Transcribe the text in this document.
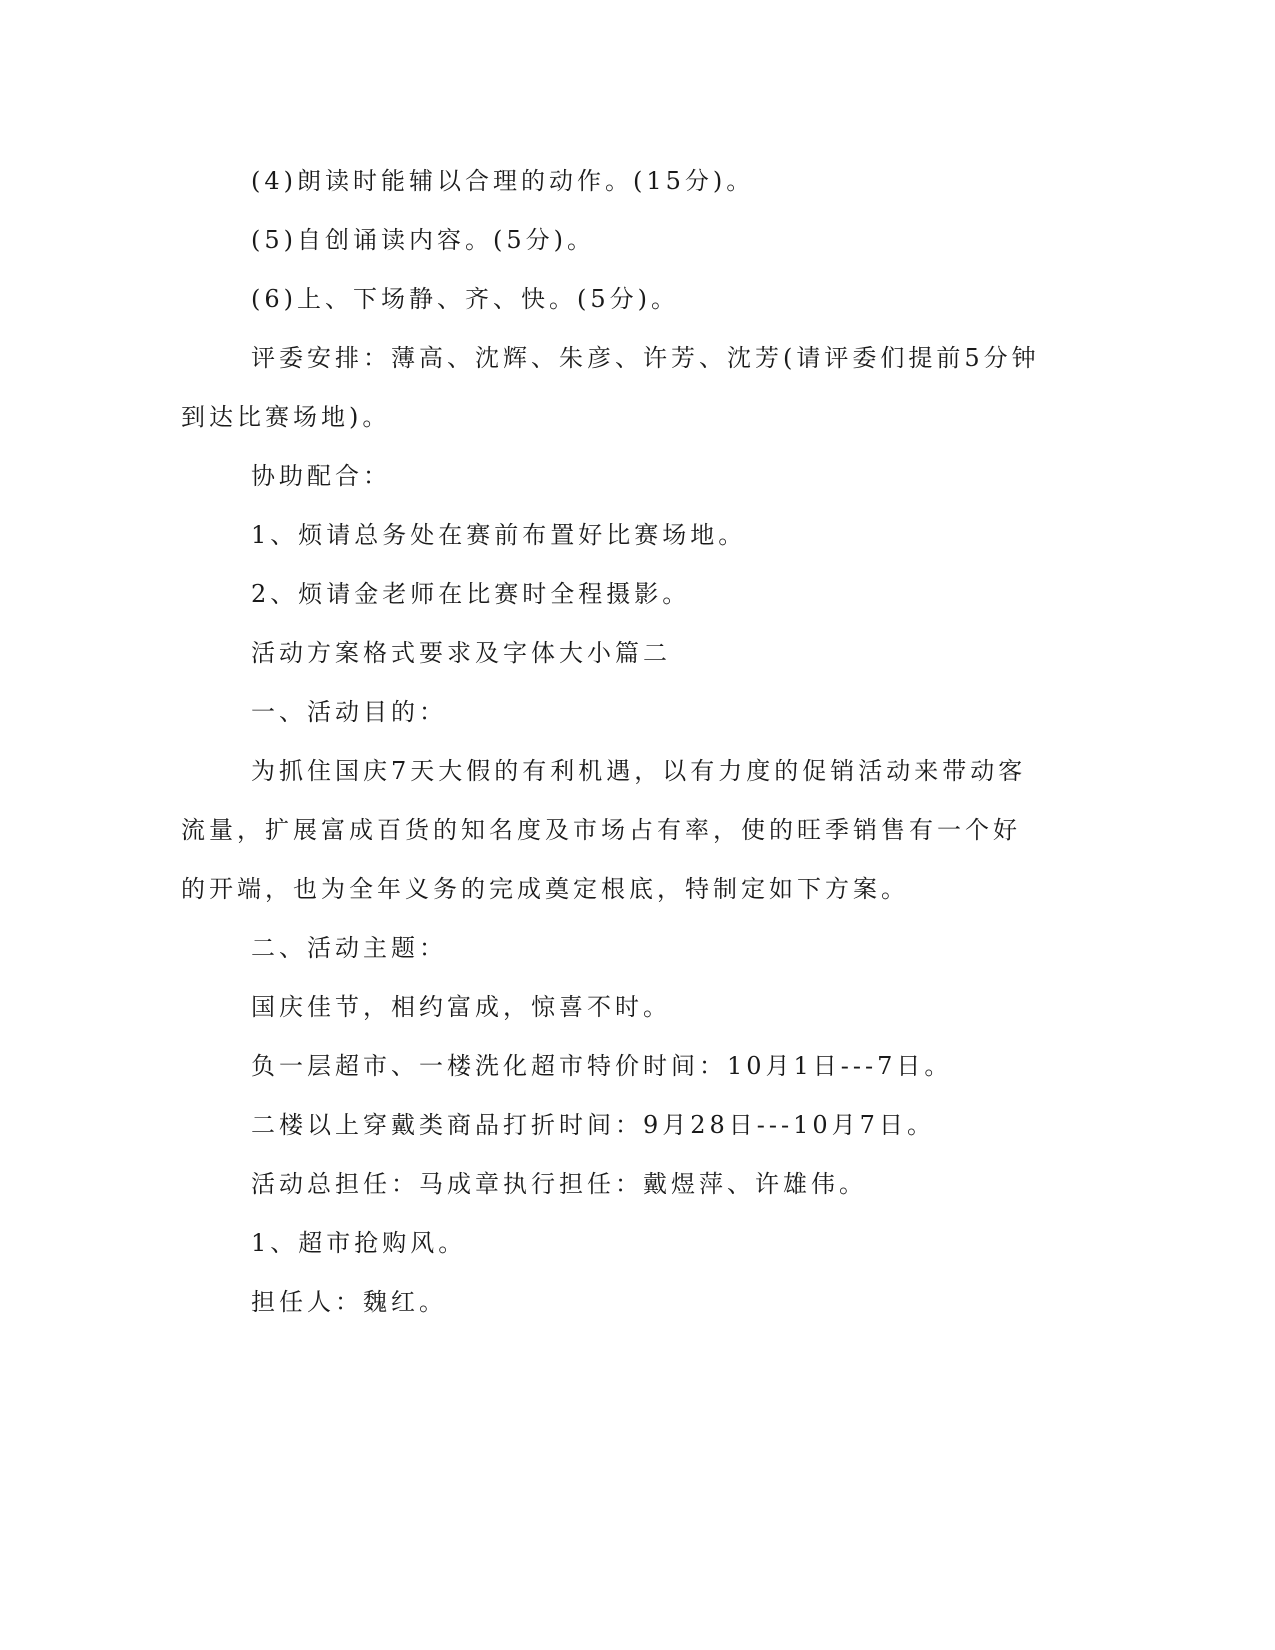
(4)朗读时能辅以合理的动作。(15分)。
(5)自创诵读内容。(5分)。
(6)上、下场静、齐、快。(5分)。
评委安排：薄高、沈辉、朱彦、许芳、沈芳(请评委们提前5分钟
到达比赛场地)。
协助配合：
1、烦请总务处在赛前布置好比赛场地。
2、烦请金老师在比赛时全程摄影。
活动方案格式要求及字体大小篇二
一、活动目的：
为抓住国庆7天大假的有利机遇，以有力度的促销活动来带动客
流量，扩展富成百货的知名度及市场占有率，使的旺季销售有一个好
的开端，也为全年义务的完成奠定根底，特制定如下方案。
二、活动主题：
国庆佳节，相约富成，惊喜不时。
负一层超市、一楼洗化超市特价时间：10月1日---7日。
二楼以上穿戴类商品打折时间：9月28日---10月7日。
活动总担任：马成章执行担任：戴煜萍、许雄伟。
1、超市抢购风。
担任人：魏红。
